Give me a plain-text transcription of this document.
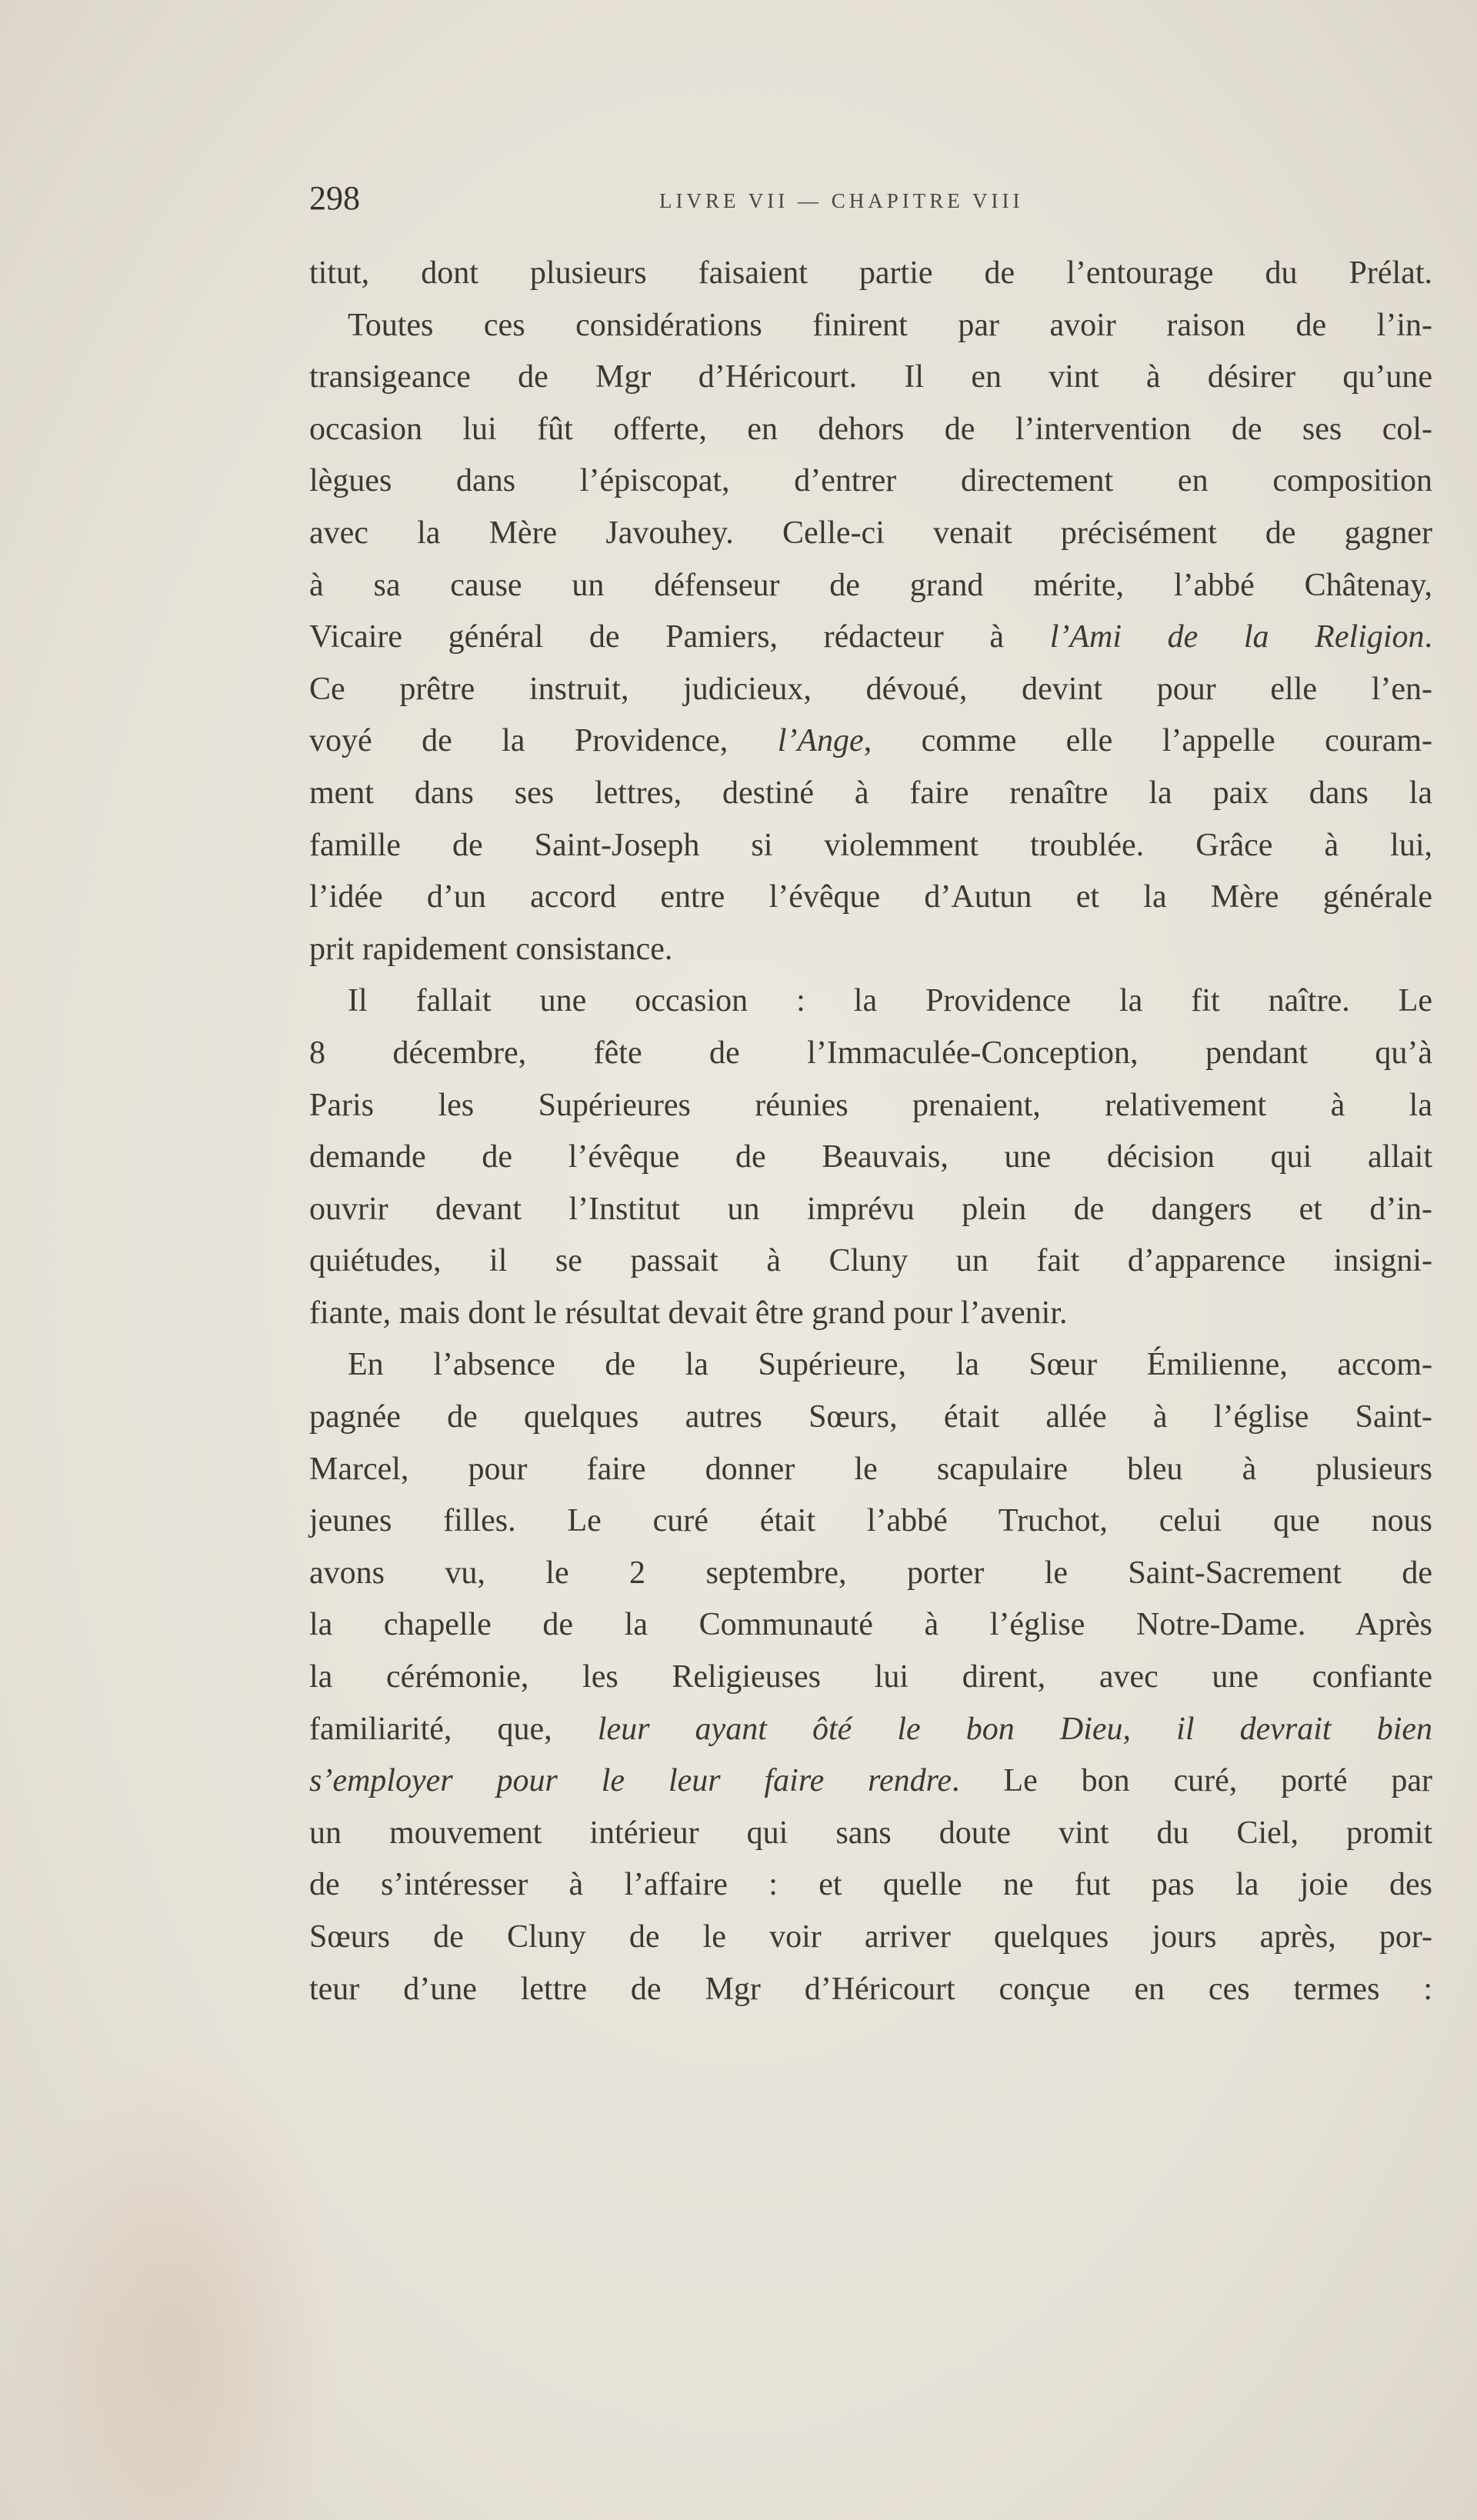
298	LIVRE VII — CHAPITRE VIII
titut, dont plusieurs faisaient partie de l’entourage du Prélat.
Toutes ces considérations finirent par avoir raison de l’in-
transigeance de Mgr d’Héricourt. Il en vint à désirer qu’une
occasion lui fût offerte, en dehors de l’intervention de ses col-
lègues dans l’épiscopat, d’entrer directement en composition
avec la Mère Javouhey. Celle-ci venait précisément de gagner
à sa cause un défenseur de grand mérite, l’abbé Châtenay,
Vicaire général de Pamiers, rédacteur à l’Ami de la Religion.
Ce prêtre instruit, judicieux, dévoué, devint pour elle l’en-
voyé de la Providence, l’Ange, comme elle l’appelle couram-
ment dans ses lettres, destiné à faire renaître la paix dans la
famille de Saint-Joseph si violemment troublée. Grâce à lui,
l’idée d’un accord entre l’évêque d’Autun et la Mère générale
prit rapidement consistance.
Il fallait une occasion : la Providence la fit naître. Le
8 décembre, fête de l’Immaculée-Conception, pendant qu’à
Paris les Supérieures réunies prenaient, relativement à la
demande de l’évêque de Beauvais, une décision qui allait
ouvrir devant l’Institut un imprévu plein de dangers et d’in-
quiétudes, il se passait à Cluny un fait d’apparence insigni-
fiante, mais dont le résultat devait être grand pour l’avenir.
En l’absence de la Supérieure, la Sœur Émilienne, accom-
pagnée de quelques autres Sœurs, était allée à l’église Saint-
Marcel, pour faire donner le scapulaire bleu à plusieurs
jeunes filles. Le curé était l’abbé Truchot, celui que nous
avons vu, le 2 septembre, porter le Saint-Sacrement de
la chapelle de la Communauté à l’église Notre-Dame. Après
la cérémonie, les Religieuses lui dirent, avec une confiante
familiarité, que, leur ayant ôté le bon Dieu, il devrait bien
s’employer pour le leur faire rendre. Le bon curé, porté par
un mouvement intérieur qui sans doute vint du Ciel, promit
de s’intéresser à l’affaire : et quelle ne fut pas la joie des
Sœurs de Cluny de le voir arriver quelques jours après, por-
teur d’une lettre de Mgr d’Héricourt conçue en ces termes :
